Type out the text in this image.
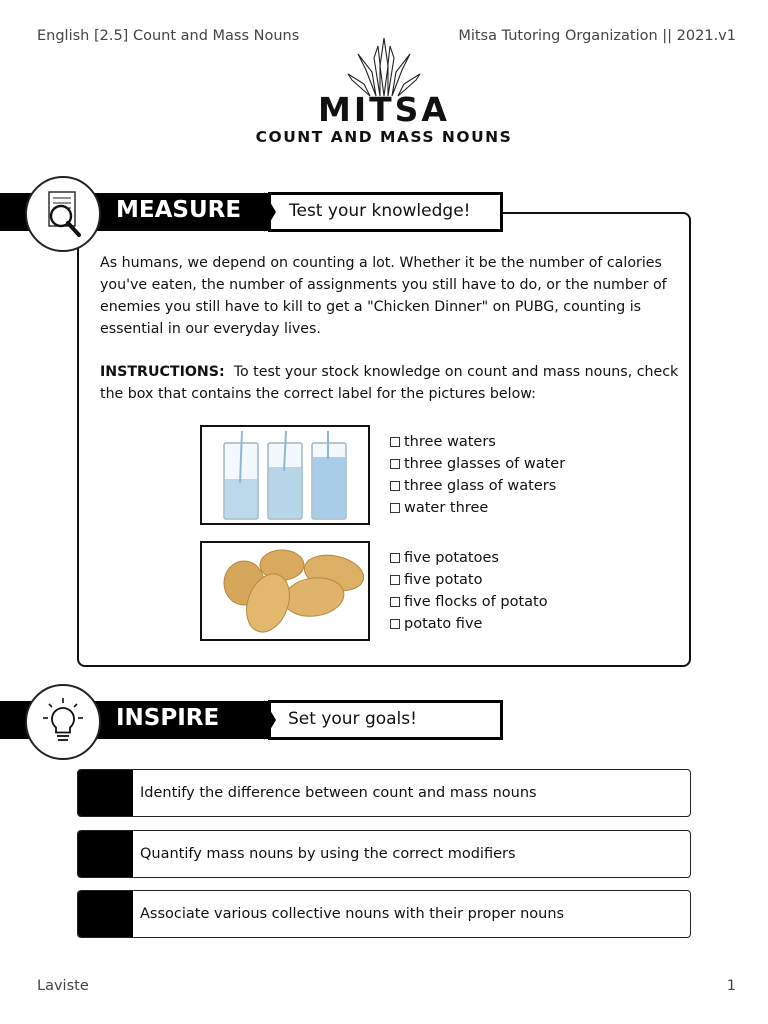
English [2.5] Count and Mass Nouns	Mitsa Tutoring Organization || 2021.v1
MITSA
COUNT AND MASS NOUNS
Test your knowledge!
MEASURE
As humans, we depend on counting a lot. Whether it be the number of calories you've eaten, the number of assignments you still have to do, or the number of enemies you still have to kill to get a "Chicken Dinner" on PUBG, counting is essential in our everyday lives.
INSTRUCTIONS: To test your stock knowledge on count and mass nouns, check the box that contains the correct label for the pictures below:
three waters
three glasses of water
three glass of waters
water three
five potatoes
five potato
five flocks of potato
potato five
Set your goals!
INSPIRE
Identify the difference between count and mass nouns
Quantify mass nouns by using the correct modifiers
Associate various collective nouns with their proper nouns
Laviste	1
